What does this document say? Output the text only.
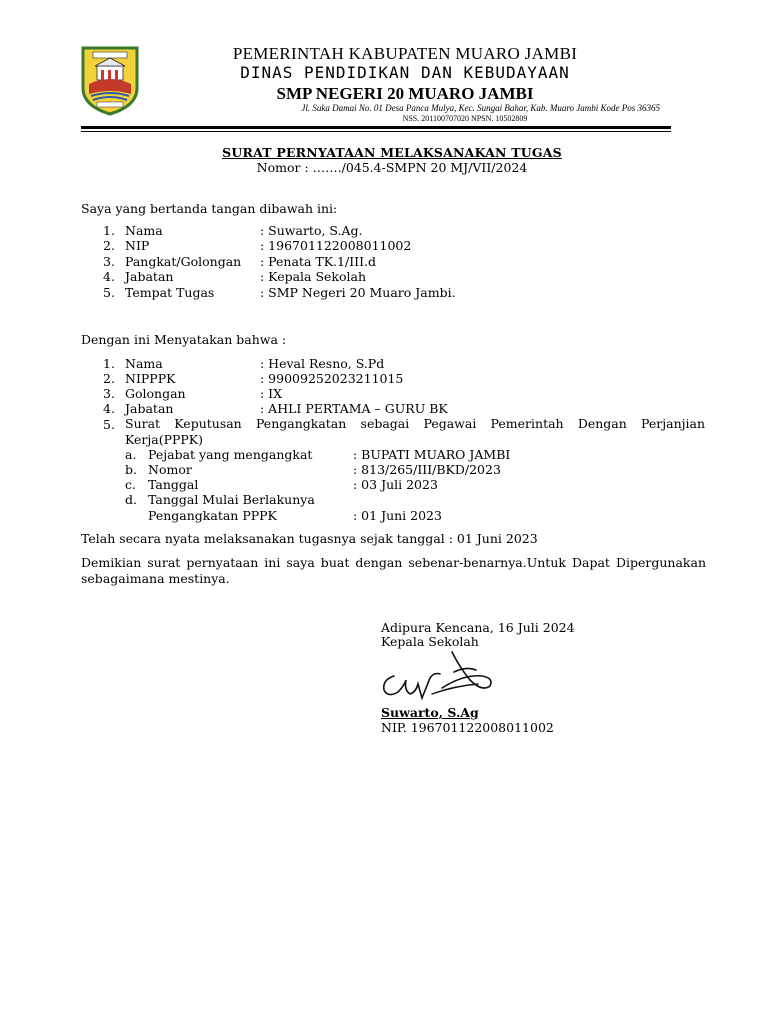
PEMERINTAH KABUPATEN MUARO JAMBI
DINAS PENDIDIKAN DAN KEBUDAYAAN
SMP NEGERI 20 MUARO JAMBI
Jl. Suka Damai No. 01 Desa Panca Mulya, Kec. Sungai Bahar, Kab. Muaro Jambi Kode Pos 36365
NSS. 201100707020 NPSN. 10502809
SURAT PERNYATAAN MELAKSANAKAN TUGAS
Nomor : ……./045.4-SMPN 20 MJ/VII/2024
Saya yang bertanda tangan dibawah ini:
1. Nama	: Suwarto, S.Ag.
2. NIP	: 196701122008011002
3. Pangkat/Golongan : Penata TK.1/III.d
4. Jabatan	: Kepala Sekolah
5. Tempat Tugas	: SMP Negeri 20 Muaro Jambi.
Dengan ini Menyatakan bahwa :
1. Nama	: Heval Resno, S.Pd
2. NIPPPK	: 99009252023211015
3. Golongan	: IX
4. Jabatan	: AHLI PERTAMA – GURU BK
5. Surat Keputusan Pengangkatan sebagai Pegawai Pemerintah Dengan Perjanjian Kerja(PPPK)
a. Pejabat yang mengangkat	: BUPATI MUARO JAMBI
b. Nomor	: 813/265/III/BKD/2023
c. Tanggal	: 03 Juli 2023
d. Tanggal Mulai Berlakunya
Pengangkatan PPPK	: 01 Juni 2023
Telah secara nyata melaksanakan tugasnya sejak tanggal : 01 Juni 2023
Demikian surat pernyataan ini saya buat dengan sebenar-benarnya.Untuk Dapat Dipergunakan sebagaimana mestinya.
Adipura Kencana, 16 Juli 2024
Kepala Sekolah
Suwarto, S.Ag
NIP. 196701122008011002
